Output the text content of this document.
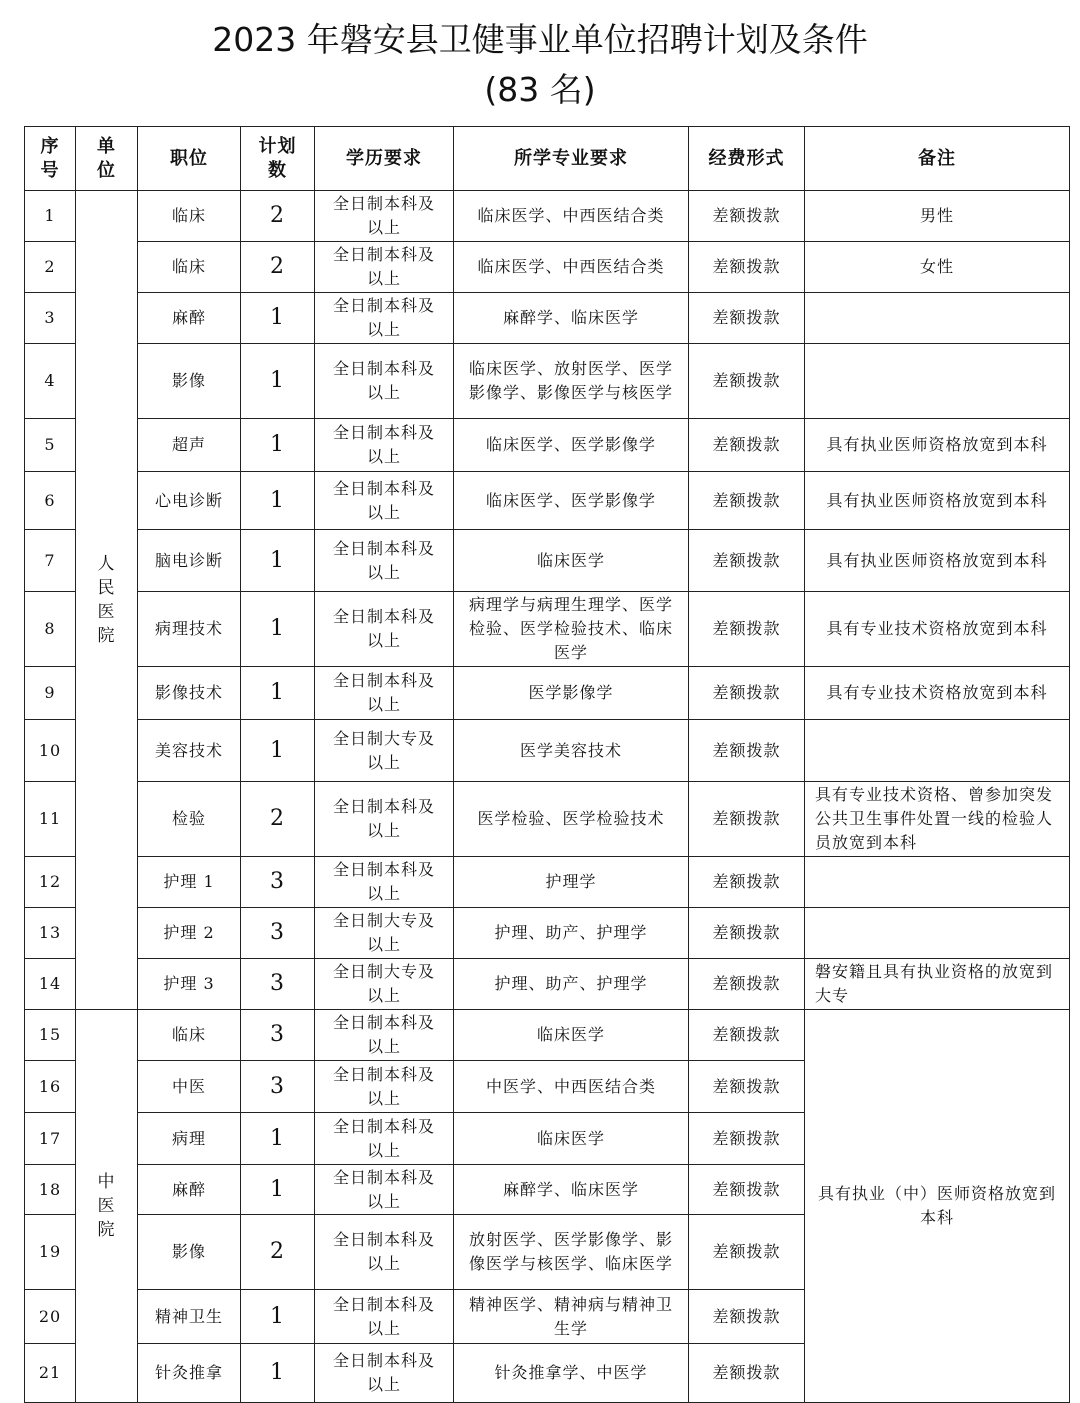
2023 年磐安县卫健事业单位招聘计划及条件
(83 名)
序号	单位	职位	计划数	学历要求	所学专业要求	经费形式	备注
1	人民医院	临床	2	全日制本科及以上	临床医学、中西医结合类	差额拨款	男性
2		临床	2	全日制本科及以上	临床医学、中西医结合类	差额拨款	女性
3		麻醉	1	全日制本科及以上	麻醉学、临床医学	差额拨款	
4		影像	1	全日制本科及以上	临床医学、放射医学、医学影像学、影像医学与核医学	差额拨款	
5		超声	1	全日制本科及以上	临床医学、医学影像学	差额拨款	具有执业医师资格放宽到本科
6		心电诊断	1	全日制本科及以上	临床医学、医学影像学	差额拨款	具有执业医师资格放宽到本科
7		脑电诊断	1	全日制本科及以上	临床医学	差额拨款	具有执业医师资格放宽到本科
8		病理技术	1	全日制本科及以上	病理学与病理生理学、医学检验、医学检验技术、临床医学	差额拨款	具有专业技术资格放宽到本科
9		影像技术	1	全日制本科及以上	医学影像学	差额拨款	具有专业技术资格放宽到本科
10		美容技术	1	全日制大专及以上	医学美容技术	差额拨款	
11		检验	2	全日制本科及以上	医学检验、医学检验技术	差额拨款	具有专业技术资格、曾参加突发公共卫生事件处置一线的检验人员放宽到本科
12		护理 1	3	全日制本科及以上	护理学	差额拨款	
13		护理 2	3	全日制大专及以上	护理、助产、护理学	差额拨款	
14		护理 3	3	全日制大专及以上	护理、助产、护理学	差额拨款	磐安籍且具有执业资格的放宽到大专
15	中医院	临床	3	全日制本科及以上	临床医学	差额拨款	具有执业（中）医师资格放宽到本科
16		中医	3	全日制本科及以上	中医学、中西医结合类	差额拨款	
17		病理	1	全日制本科及以上	临床医学	差额拨款	
18		麻醉	1	全日制本科及以上	麻醉学、临床医学	差额拨款	
19		影像	2	全日制本科及以上	放射医学、医学影像学、影像医学与核医学、临床医学	差额拨款	
20		精神卫生	1	全日制本科及以上	精神医学、精神病与精神卫生学	差额拨款	
21		针灸推拿	1	全日制本科及以上	针灸推拿学、中医学	差额拨款	
